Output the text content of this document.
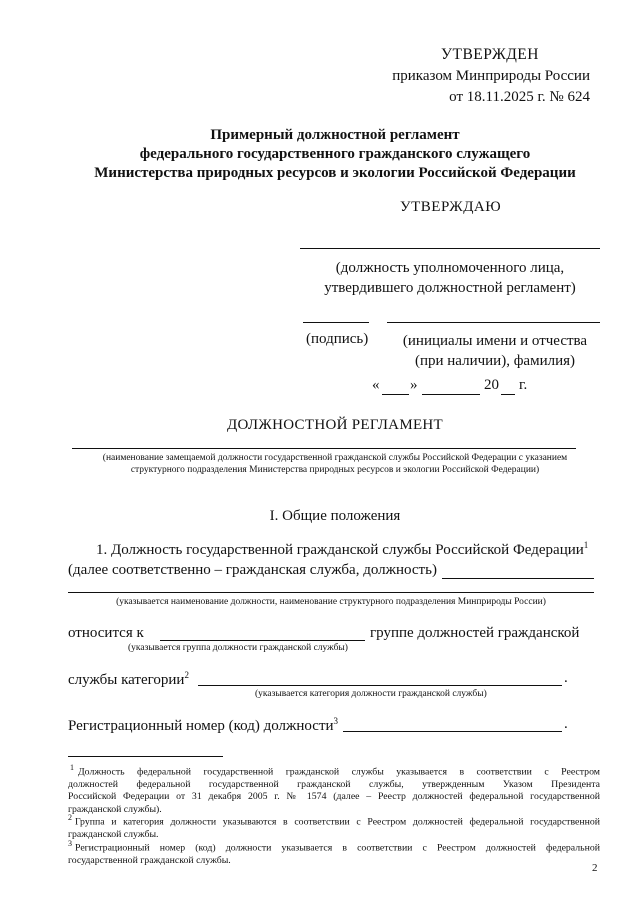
УТВЕРЖДЕН
приказом Минприроды России
от 18.11.2025 г. № 624
Примерный должностной регламент
федерального государственного гражданского служащего
Министерства природных ресурсов и экологии Российской Федерации
УТВЕРЖДАЮ
(должность уполномоченного лица,
утвердившего должностной регламент)
(подпись)	(инициалы имени и отчества
(при наличии), фамилия)
« »	20 г.
ДОЛЖНОСТНОЙ РЕГЛАМЕНТ
(наименование замещаемой должности государственной гражданской службы Российской Федерации с указанием
структурного подразделения Министерства природных ресурсов и экологии Российской Федерации)
I. Общие положения
1. Должность государственной гражданской службы Российской Федерации$^1$
(далее соответственно – гражданская служба, должность)
(указывается наименование должности, наименование структурного подразделения Минприроды России)
относится к	группе должностей гражданской
(указывается группа должности гражданской службы)
службы категории$^2$	.
(указывается категория должности гражданской службы)
Регистрационный номер (код) должности$^3$	.
$^1$ Должность федеральной государственной гражданской службы указывается в соответствии с Реестром
должностей федеральной государственной гражданской службы, утвержденным Указом Президента
Российской Федерации от 31 декабря 2005 г. № 1574 (далее – Реестр должностей федеральной государственной
гражданской службы).
$^2$ Группа и категория должности указываются в соответствии с Реестром должностей федеральной государственной
гражданской службы.
$^3$ Регистрационный номер (код) должности указывается в соответствии с Реестром должностей федеральной
государственной гражданской службы.
2
